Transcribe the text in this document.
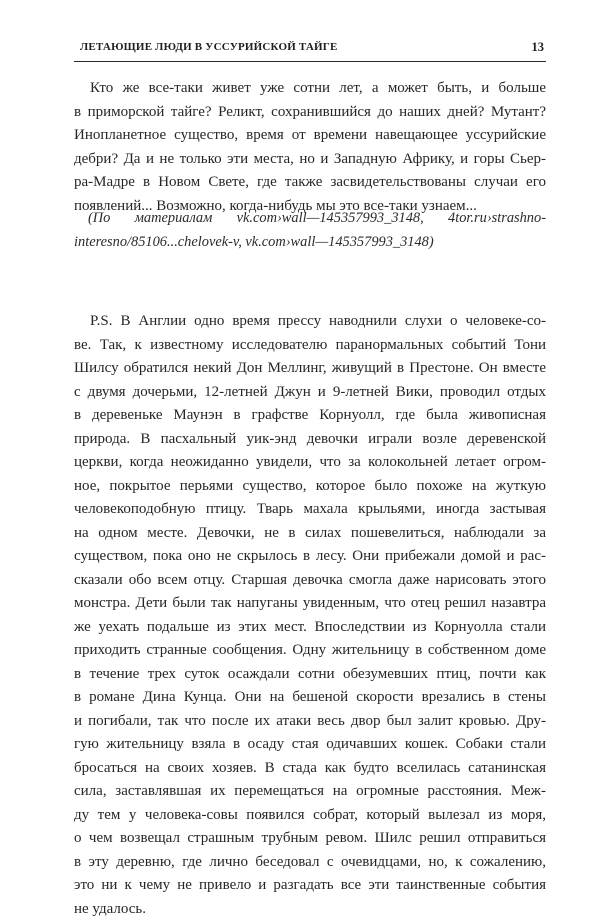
ЛЕТАЮЩИЕ ЛЮДИ В УССУРИЙСКОЙ ТАЙГЕ	13
Кто же все-таки живет уже сотни лет, а может быть, и больше
в приморской тайге? Реликт, сохранившийся до наших дней? Мутант?
Инопланетное существо, время от времени навещающее уссурийские
дебри? Да и не только эти места, но и Западную Африку, и горы Сьер-
ра-Мадре в Новом Свете, где также засвидетельствованы случаи его
появлений... Возможно, когда-нибудь мы это все-таки узнаем...
(По материалам vk.com›wall—145357993_3148, 4tor.ru›strashno-
interesno/85106...chelovek-v, vk.com›wall—145357993_3148)
P.S. В Англии одно время прессу наводнили слухи о человеке-со-
ве. Так, к известному исследователю паранормальных событий Тони
Шилсу обратился некий Дон Меллинг, живущий в Престоне. Он вместе
с двумя дочерьми, 12-летней Джун и 9-летней Вики, проводил отдых
в деревеньке Маунэн в графстве Корнуолл, где была живописная
природа. В пасхальный уик-энд девочки играли возле деревенской
церкви, когда неожиданно увидели, что за колокольней летает огром-
ное, покрытое перьями существо, которое было похоже на жуткую
человекоподобную птицу. Тварь махала крыльями, иногда застывая
на одном месте. Девочки, не в силах пошевелиться, наблюдали за
существом, пока оно не скрылось в лесу. Они прибежали домой и рас-
сказали обо всем отцу. Старшая девочка смогла даже нарисовать этого
монстра. Дети были так напуганы увиденным, что отец решил назавтра
же уехать подальше из этих мест. Впоследствии из Корнуолла стали
приходить странные сообщения. Одну жительницу в собственном доме
в течение трех суток осаждали сотни обезумевших птиц, почти как
в романе Дина Кунца. Они на бешеной скорости врезались в стены
и погибали, так что после их атаки весь двор был залит кровью. Дру-
гую жительницу взяла в осаду стая одичавших кошек. Собаки стали
бросаться на своих хозяев. В стада как будто вселилась сатанинская
сила, заставлявшая их перемещаться на огромные расстояния. Меж-
ду тем у человека-совы появился собрат, который вылезал из моря,
о чем возвещал страшным трубным ревом. Шилс решил отправиться
в эту деревню, где лично беседовал с очевидцами, но, к сожалению,
это ни к чему не привело и разгадать все эти таинственные события
не удалось.
